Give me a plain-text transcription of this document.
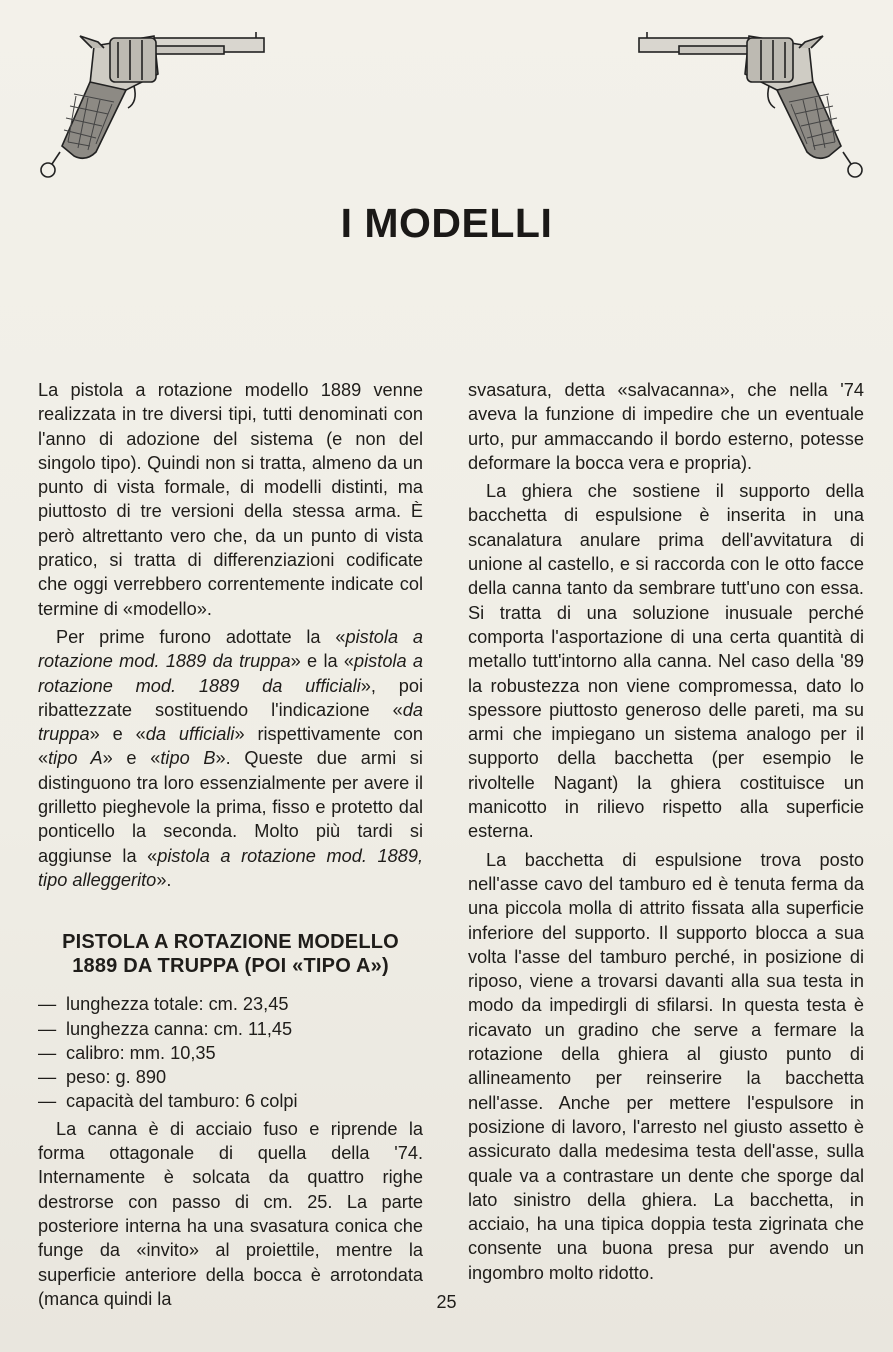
I MODELLI

La pistola a rotazione modello 1889 venne realizzata in tre diversi tipi, tutti denominati con l'anno di adozione del sistema (e non del singolo tipo). Quindi non si tratta, almeno da un punto di vista formale, di modelli distinti, ma piuttosto di tre versioni della stessa arma. È però altrettanto vero che, da un punto di vista pratico, si tratta di differenziazioni codificate che oggi verrebbero correntemente indicate col termine di «modello».

Per prime furono adottate la «pistola a rotazione mod. 1889 da truppa» e la «pistola a rotazione mod. 1889 da ufficiali», poi ribattezzate sostituendo l'indicazione «da truppa» e «da ufficiali» rispettivamente con «tipo A» e «tipo B». Queste due armi si distinguono tra loro essenzialmente per avere il grilletto pieghevole la prima, fisso e protetto dal ponticello la seconda. Molto più tardi si aggiunse la «pistola a rotazione mod. 1889, tipo alleggerito».

PISTOLA A ROTAZIONE MODELLO
1889 DA TRUPPA (POI «TIPO A»)
— lunghezza totale: cm. 23,45
— lunghezza canna: cm. 11,45
— calibro: mm. 10,35
— peso: g. 890
— capacità del tamburo: 6 colpi

La canna è di acciaio fuso e riprende la forma ottagonale di quella della '74. Internamente è solcata da quattro righe destrorse con passo di cm. 25. La parte posteriore interna ha una svasatura conica che funge da «invito» al proiettile, mentre la superficie anteriore della bocca è arrotondata (manca quindi la

svasatura, detta «salvacanna», che nella '74 aveva la funzione di impedire che un eventuale urto, pur ammaccando il bordo esterno, potesse deformare la bocca vera e propria).

La ghiera che sostiene il supporto della bacchetta di espulsione è inserita in una scanalatura anulare prima dell'avvitatura di unione al castello, e si raccorda con le otto facce della canna tanto da sembrare tutt'uno con essa. Si tratta di una soluzione inusuale perché comporta l'asportazione di una certa quantità di metallo tutt'intorno alla canna. Nel caso della '89 la robustezza non viene compromessa, dato lo spessore piuttosto generoso delle pareti, ma su armi che impiegano un sistema analogo per il supporto della bacchetta (per esempio le rivoltelle Nagant) la ghiera costituisce un manicotto in rilievo rispetto alla superficie esterna.

La bacchetta di espulsione trova posto nell'asse cavo del tamburo ed è tenuta ferma da una piccola molla di attrito fissata alla superficie inferiore del supporto. Il supporto blocca a sua volta l'asse del tamburo perché, in posizione di riposo, viene a trovarsi davanti alla sua testa in modo da impedirgli di sfilarsi. In questa testa è ricavato un gradino che serve a fermare la rotazione della ghiera al giusto punto di allineamento per reinserire la bacchetta nell'asse. Anche per mettere l'espulsore in posizione di lavoro, l'arresto nel giusto assetto è assicurato dalla medesima testa dell'asse, sulla quale va a contrastare un dente che sporge dal lato sinistro della ghiera. La bacchetta, in acciaio, ha una tipica doppia testa zigrinata che consente una buona presa pur avendo un ingombro molto ridotto.

25
